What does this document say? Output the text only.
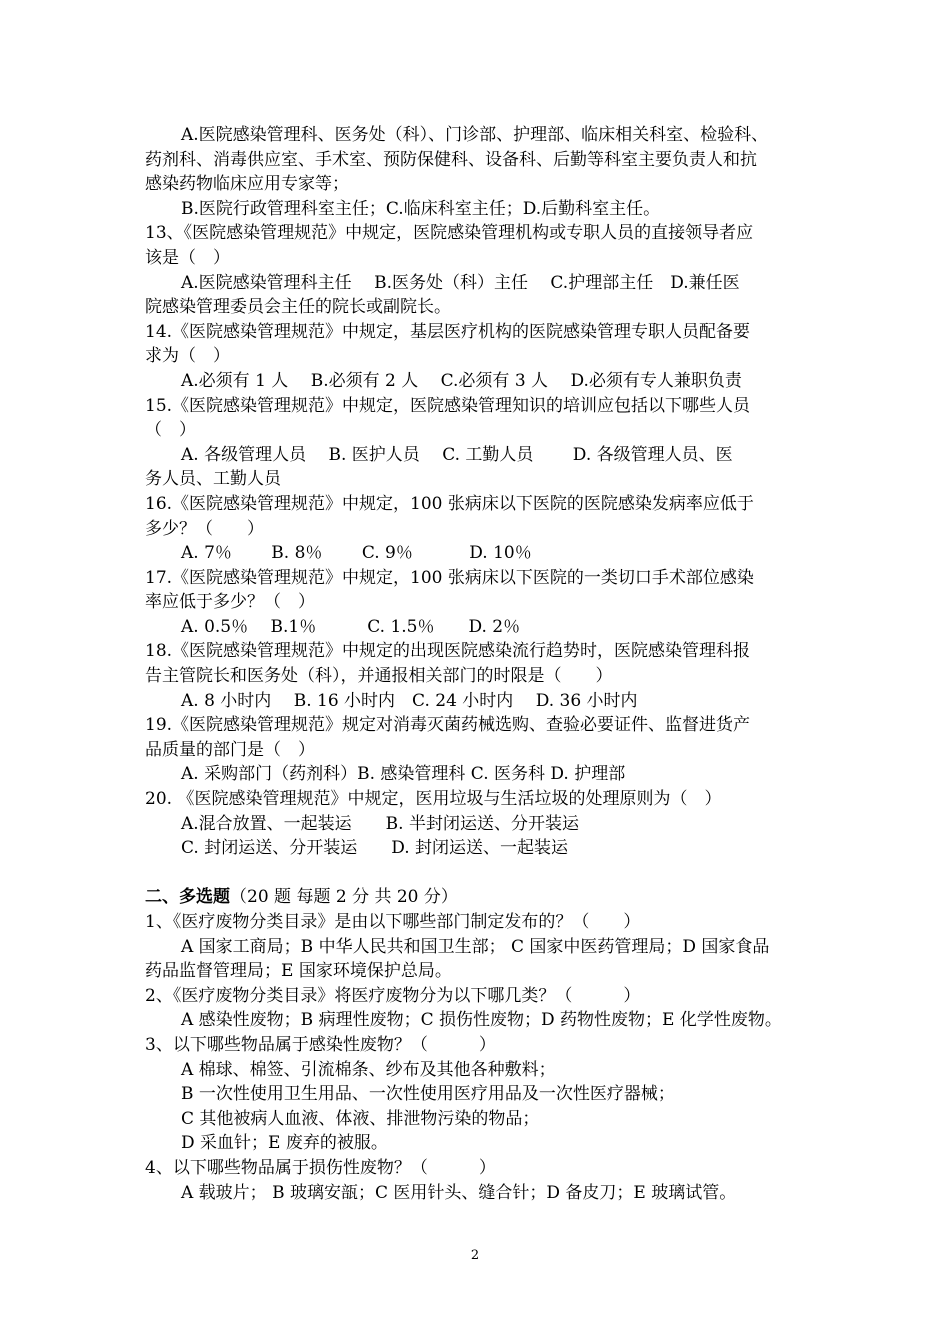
A.医院感染管理科、医务处（科）、门诊部、护理部、临床相关科室、检验科、
药剂科、消毒供应室、手术室、预防保健科、设备科、后勤等科室主要负责人和抗
感染药物临床应用专家等；
B.医院行政管理科室主任；C.临床科室主任；D.后勤科室主任。
13、《医院感染管理规范》中规定，医院感染管理机构或专职人员的直接领导者应
该是（　）
A.医院感染管理科主任　 B.医务处（科）主任　 C.护理部主任　D.兼任医
院感染管理委员会主任的院长或副院长。
14.《医院感染管理规范》中规定，基层医疗机构的医院感染管理专职人员配备要
求为（　）
A.必须有 1 人　 B.必须有 2 人　 C.必须有 3 人　 D.必须有专人兼职负责
15.《医院感染管理规范》中规定，医院感染管理知识的培训应包括以下哪些人员
（　）
A. 各级管理人员　 B. 医护人员　 C. 工勤人员　　 D. 各级管理人员、医
务人员、工勤人员
16.《医院感染管理规范》中规定，100 张病床以下医院的医院感染发病率应低于
多少？（　　）
A. 7％　　 B. 8％　　 C. 9％　　　 D. 10％
17.《医院感染管理规范》中规定，100 张病床以下医院的一类切口手术部位感染
率应低于多少？（　）
A. 0.5％　 B.1％　　　C. 1.5％　　D. 2％
18.《医院感染管理规范》中规定的出现医院感染流行趋势时，医院感染管理科报
告主管院长和医务处（科），并通报相关部门的时限是（　　）
A. 8 小时内　 B. 16 小时内　C. 24 小时内　 D. 36 小时内
19.《医院感染管理规范》规定对消毒灭菌药械选购、查验必要证件、监督进货产
品质量的部门是（　）
A. 采购部门（药剂科）B. 感染管理科 C. 医务科 D. 护理部
20. 《医院感染管理规范》中规定，医用垃圾与生活垃圾的处理原则为（　）
A.混合放置、一起装运　　B. 半封闭运送、分开装运
C. 封闭运送、分开装运　　D. 封闭运送、一起装运
二、多选题（20 题 每题 2 分 共 20 分）
1、《医疗废物分类目录》是由以下哪些部门制定发布的？（　　）
A 国家工商局；B 中华人民共和国卫生部； C 国家中医药管理局；D 国家食品
药品监督管理局；E 国家环境保护总局。
2、《医疗废物分类目录》将医疗废物分为以下哪几类？（　　　）
A 感染性废物；B 病理性废物；C 损伤性废物；D 药物性废物；E 化学性废物。
3、以下哪些物品属于感染性废物？（　　　）
A 棉球、棉签、引流棉条、纱布及其他各种敷料；
B 一次性使用卫生用品、一次性使用医疗用品及一次性医疗器械；
C 其他被病人血液、体液、排泄物污染的物品；
D 采血针；E 废弃的被服。
4、以下哪些物品属于损伤性废物？（　　　）
A 载玻片； B 玻璃安瓿；C 医用针头、缝合针；D 备皮刀；E 玻璃试管。
2
